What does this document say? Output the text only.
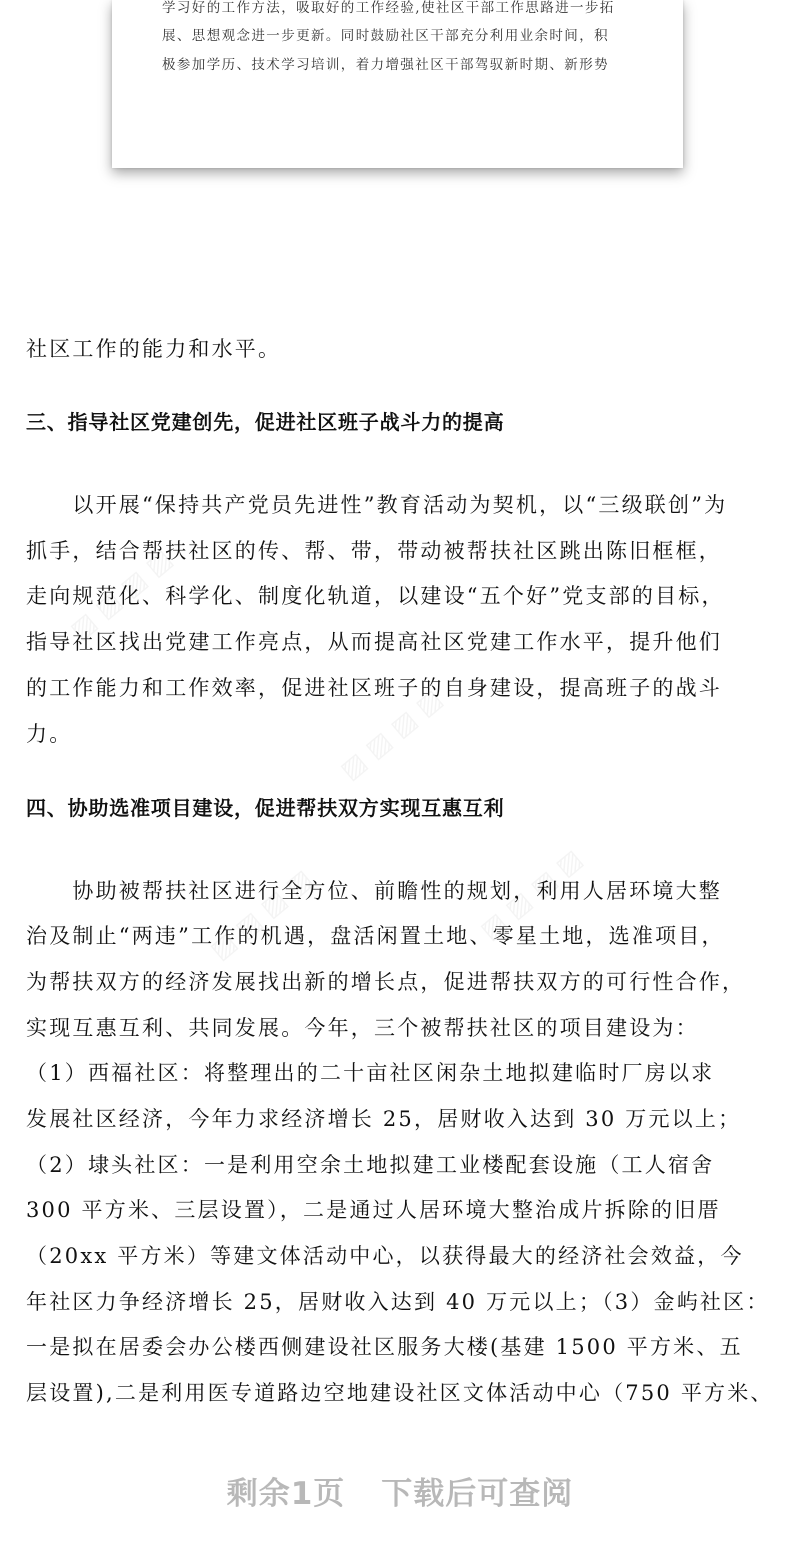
学习好的工作方法，吸取好的工作经验,使社区干部工作思路进一步拓

展、思想观念进一步更新。同时鼓励社区干部充分利用业余时间，积

极参加学历、技术学习培训，着力增强社区干部驾驭新时期、新形势

▨ ▨ ▨ ▨
▨ ▨ ▨ ▨
▨ ▨ ▨ ▨	▨ ▨ ▨ ▨

社区工作的能力和水平。

三、指导社区党建创先，促进社区班子战斗力的提高

　　以开展“保持共产党员先进性”教育活动为契机，以“三级联创”为

抓手，结合帮扶社区的传、帮、带，带动被帮扶社区跳出陈旧框框，

走向规范化、科学化、制度化轨道，以建设“五个好”党支部的目标，

指导社区找出党建工作亮点，从而提高社区党建工作水平，提升他们

的工作能力和工作效率，促进社区班子的自身建设，提高班子的战斗

力。

四、协助选准项目建设，促进帮扶双方实现互惠互利

　　协助被帮扶社区进行全方位、前瞻性的规划，利用人居环境大整

治及制止“两违”工作的机遇，盘活闲置土地、零星土地，选准项目，

为帮扶双方的经济发展找出新的增长点，促进帮扶双方的可行性合作，

实现互惠互利、共同发展。今年，三个被帮扶社区的项目建设为：

（1）西福社区：将整理出的二十亩社区闲杂土地拟建临时厂房以求

发展社区经济，今年力求经济增长 25，居财收入达到 30 万元以上；

（2）埭头社区：一是利用空余土地拟建工业楼配套设施（工人宿舍

300 平方米、三层设置），二是通过人居环境大整治成片拆除的旧厝

（20xx 平方米）等建文体活动中心，以获得最大的经济社会效益，今

年社区力争经济增长 25，居财收入达到 40 万元以上；（3）金屿社区：

一是拟在居委会办公楼西侧建设社区服务大楼(基建 1500 平方米、五

层设置),二是利用医专道路边空地建设社区文体活动中心（750 平方米、

剩余1页 下载后可查阅
